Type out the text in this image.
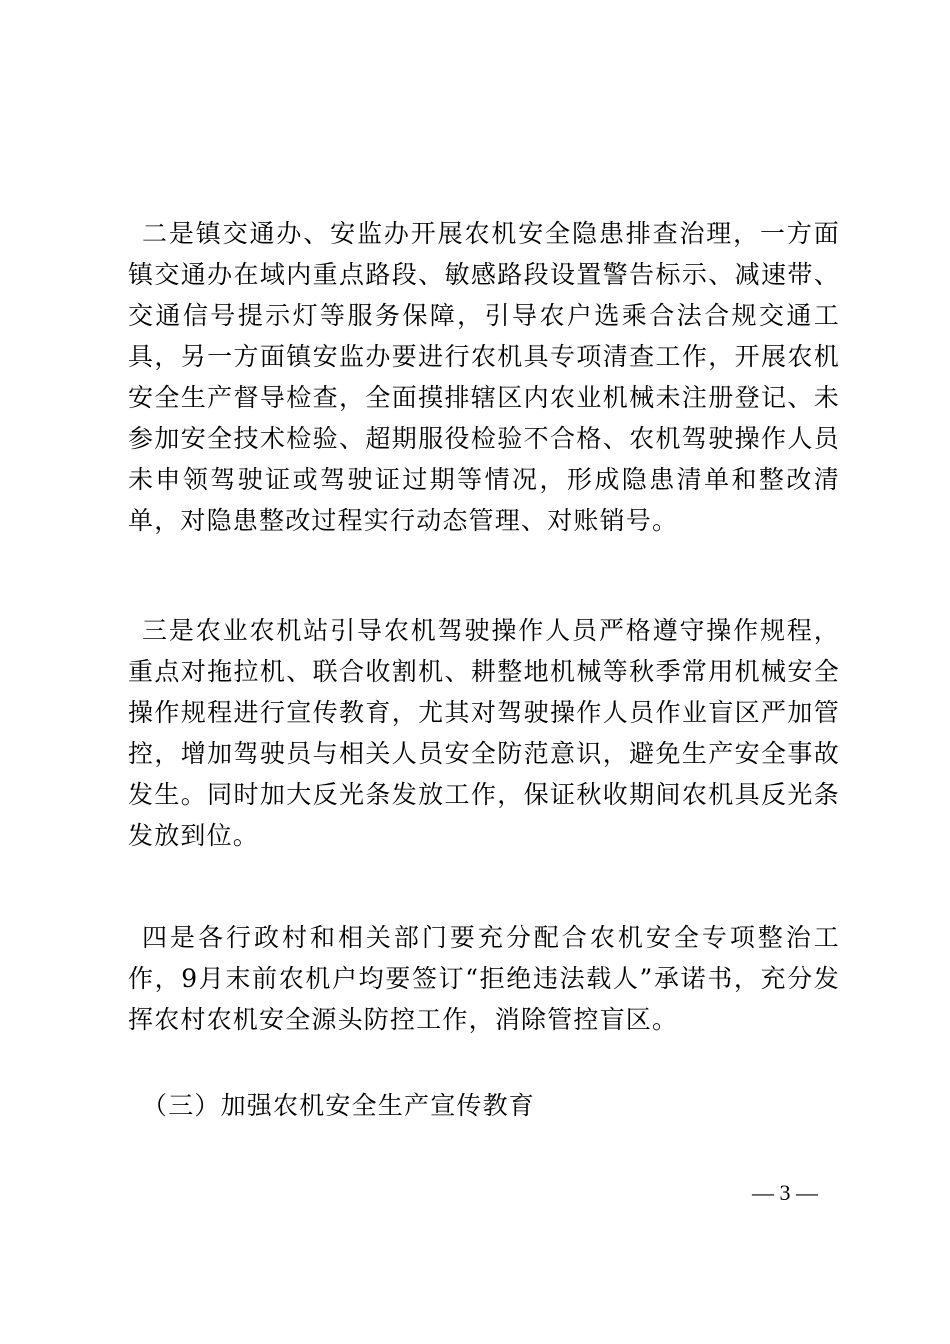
二是镇交通办、安监办开展农机安全隐患排查治理，一方面镇交通办在域内重点路段、敏感路段设置警告标示、减速带、交通信号提示灯等服务保障，引导农户选乘合法合规交通工具，另一方面镇安监办要进行农机具专项清查工作，开展农机安全生产督导检查，全面摸排辖区内农业机械未注册登记、未参加安全技术检验、超期服役检验不合格、农机驾驶操作人员未申领驾驶证或驾驶证过期等情况，形成隐患清单和整改清单，对隐患整改过程实行动态管理、对账销号。

三是农业农机站引导农机驾驶操作人员严格遵守操作规程，重点对拖拉机、联合收割机、耕整地机械等秋季常用机械安全操作规程进行宣传教育，尤其对驾驶操作人员作业盲区严加管控，增加驾驶员与相关人员安全防范意识，避免生产安全事故发生。同时加大反光条发放工作，保证秋收期间农机具反光条发放到位。

四是各行政村和相关部门要充分配合农机安全专项整治工作，9月末前农机户均要签订“拒绝违法载人”承诺书，充分发挥农村农机安全源头防控工作，消除管控盲区。

（三）加强农机安全生产宣传教育

— 3 —
